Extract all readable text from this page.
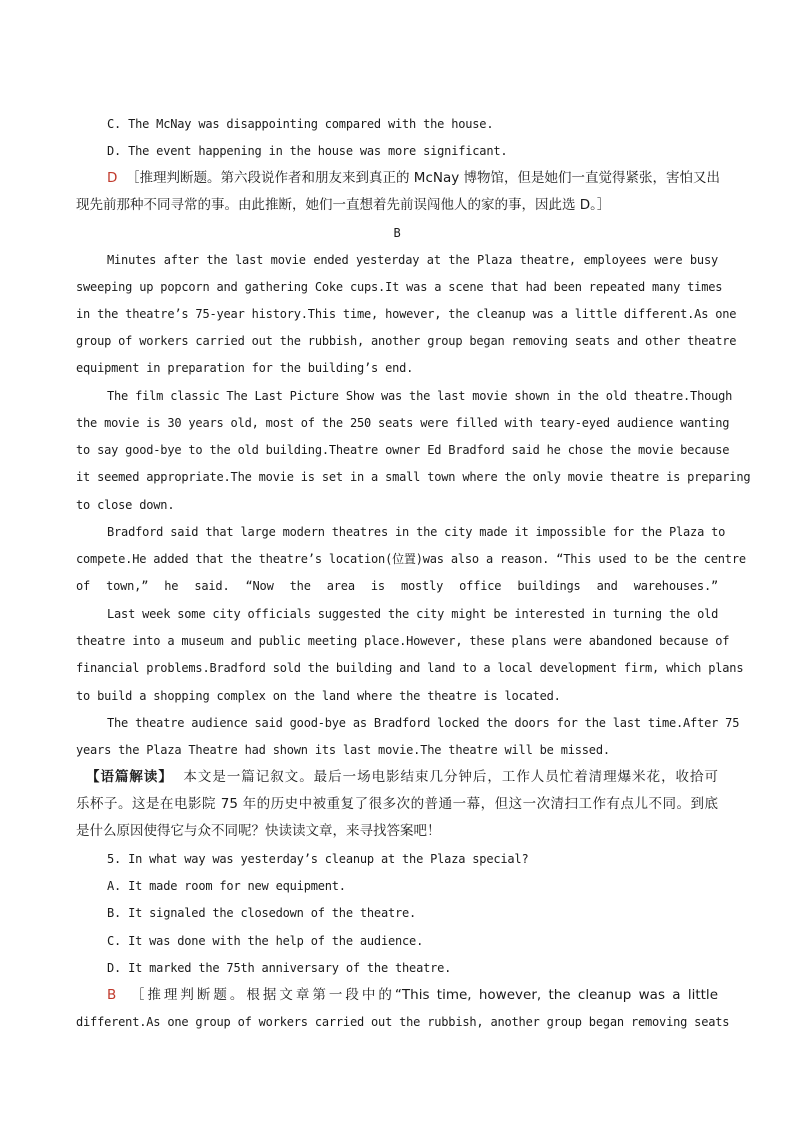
C. The McNay was disappointing compared with the house.

D. The event happening in the house was more significant.

D ［推理判断题。第六段说作者和朋友来到真正的 McNay 博物馆，但是她们一直觉得紧张，害怕又出

现先前那种不同寻常的事。由此推断，她们一直想着先前误闯他人的家的事，因此选 D。］

B

Minutes after the last movie ended yesterday at the Plaza theatre, employees were busy

sweeping up popcorn and gathering Coke cups.It was a scene that had been repeated many times

in the theatre’s 75-year history.This time, however, the cleanup was a little different.As one

group of workers carried out the rubbish, another group began removing seats and other theatre

equipment in preparation for the building’s end.

The film classic The Last Picture Show was the last movie shown in the old theatre.Though

the movie is 30 years old, most of the 250 seats were filled with teary-eyed audience wanting

to say good-bye to the old building.Theatre owner Ed Bradford said he chose the movie because

it seemed appropriate.The movie is set in a small town where the only movie theatre is preparing

to close down.

Bradford said that large modern theatres in the city made it impossible for the Plaza to

compete.He added that the theatre’s location(位置)was also a reason. “This used to be the centre

of town,” he said. “Now the area is mostly office buildings and warehouses.”

Last week some city officials suggested the city might be interested in turning the old

theatre into a museum and public meeting place.However, these plans were abandoned because of

financial problems.Bradford sold the building and land to a local development firm, which plans

to build a shopping complex on the land where the theatre is located.

The theatre audience said good-bye as Bradford locked the doors for the last time.After 75

years the Plaza Theatre had shown its last movie.The theatre will be missed.

【语篇解读】 本文是一篇记叙文。最后一场电影结束几分钟后，工作人员忙着清理爆米花，收拾可

乐杯子。这是在电影院 75 年的历史中被重复了很多次的普通一幕，但这一次清扫工作有点儿不同。到底

是什么原因使得它与众不同呢？快读读文章，来寻找答案吧！

5. In what way was yesterday’s cleanup at the Plaza special?

A. It made room for new equipment.

B. It signaled the closedown of the theatre.

C. It was done with the help of the audience.

D. It marked the 75th anniversary of the theatre.

B ［推理判断题。根据文章第一段中的“This time, however, the cleanup was a little

different.As one group of workers carried out the rubbish, another group began removing seats
